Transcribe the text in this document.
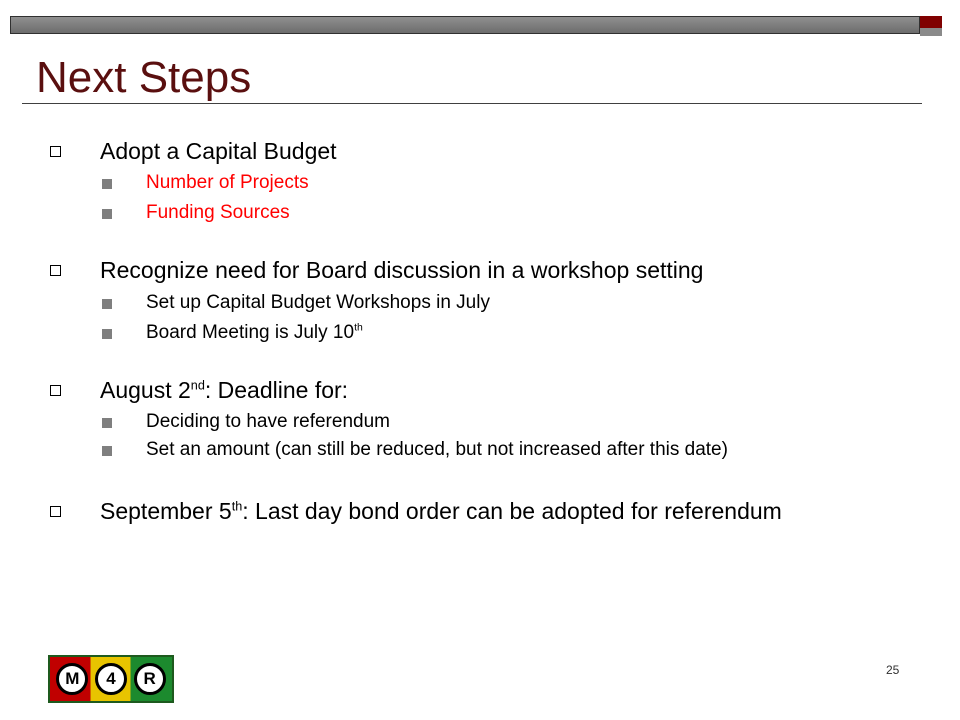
Next Steps
Adopt a Capital Budget
Number of Projects
Funding Sources
Recognize need for Board discussion in a workshop setting
Set up Capital Budget Workshops in July
Board Meeting is July 10th
August 2nd: Deadline for:
Deciding to have referendum
Set an amount (can still be reduced, but not increased after this date)
September 5th: Last day bond order can be adopted for referendum
M	4	R	25
